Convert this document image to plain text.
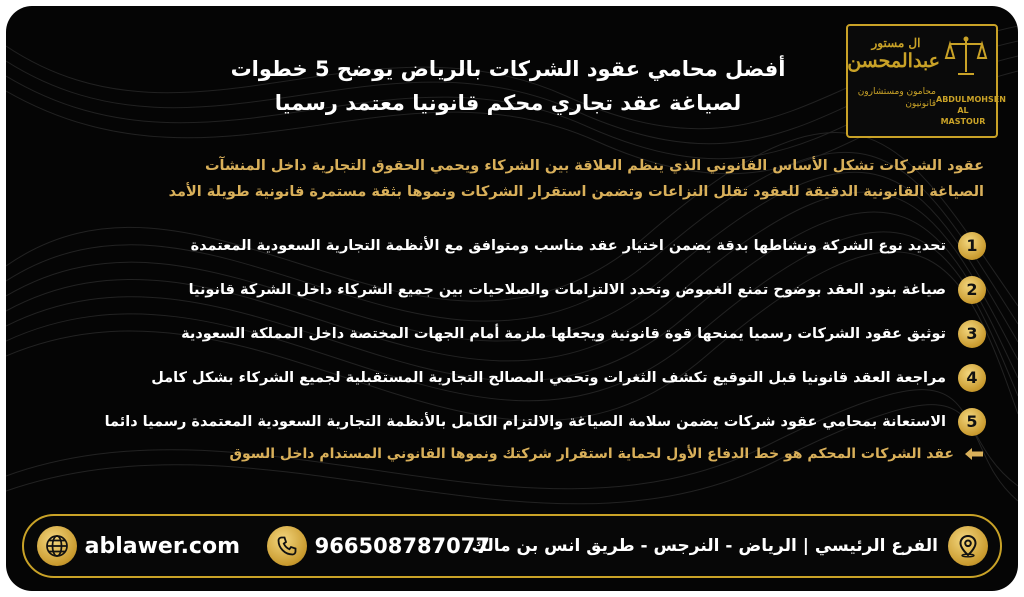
ال مستور
عبدالمحسن
محامون ومستشارون قانونيون ABDULMOHSEN AL MASTOUR
أفضل محامي عقود الشركات بالرياض يوضح 5 خطوات
لصياغة عقد تجاري محكم قانونيا معتمد رسميا
عقود الشركات تشكل الأساس القانوني الذي ينظم العلاقة بين الشركاء ويحمي الحقوق التجارية داخل المنشآت
الصياغة القانونية الدقيقة للعقود تقلل النزاعات وتضمن استقرار الشركات ونموها بثقة مستمرة قانونية طويلة الأمد
1
تحديد نوع الشركة ونشاطها بدقة يضمن اختيار عقد مناسب ومتوافق مع الأنظمة التجارية السعودية المعتمدة
2
صياغة بنود العقد بوضوح تمنع الغموض وتحدد الالتزامات والصلاحيات بين جميع الشركاء داخل الشركة قانونيا
3
توثيق عقود الشركات رسميا يمنحها قوة قانونية ويجعلها ملزمة أمام الجهات المختصة داخل المملكة السعودية
4
مراجعة العقد قانونيا قبل التوقيع تكشف الثغرات وتحمي المصالح التجارية المستقبلية لجميع الشركاء بشكل كامل
5
الاستعانة بمحامي عقود شركات يضمن سلامة الصياغة والالتزام الكامل بالأنظمة التجارية السعودية المعتمدة رسميا دائما
عقد الشركات المحكم هو خط الدفاع الأول لحماية استقرار شركتك ونموها القانوني المستدام داخل السوق
الفرع الرئيسي | الرياض - النرجس - طريق انس بن مالك
966508787077
ablawer.com
